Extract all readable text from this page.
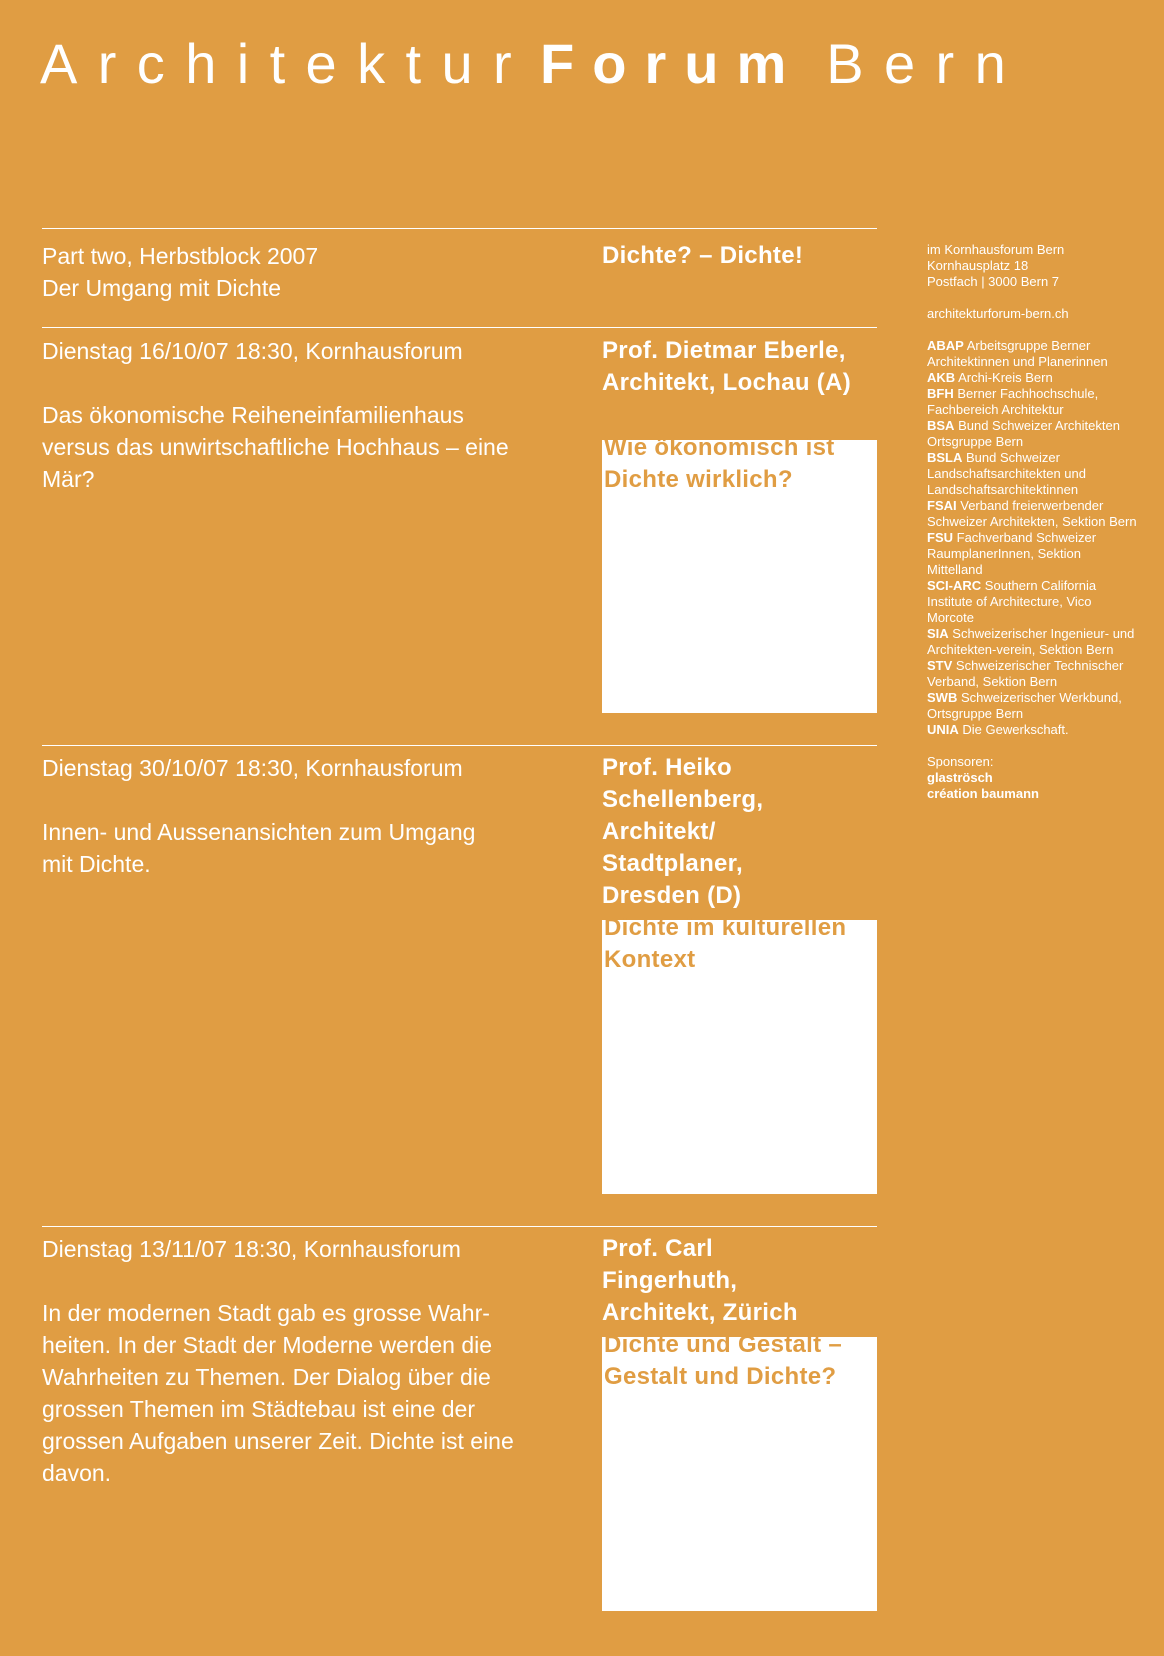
Architektur Forum Bern

Part two, Herbstblock 2007

Der Umgang mit Dichte

Dichte? – Dichte!

Dienstag 16/10/07 18:30, Kornhausforum

Das ökonomische Reiheneinfamilienhaus versus das unwirtschaftliche Hochhaus – eine Mär?

Prof. Dietmar Eberle, Architekt, Lochau (A)
Wie ökonomisch ist Dichte wirklich?

Dienstag 30/10/07 18:30, Kornhausforum

Innen- und Aussenansichten zum Umgang mit Dichte.

Prof. Heiko Schellenberg, Architekt/ Stadtplaner, Dresden (D)
Dichte im kulturellen Kontext

Dienstag 13/11/07 18:30, Kornhausforum

In der modernen Stadt gab es grosse Wahr-heiten. In der Stadt der Moderne werden die Wahrheiten zu Themen. Der Dialog über die grossen Themen im Städtebau ist eine der grossen Aufgaben unserer Zeit. Dichte ist eine davon.

Prof. Carl Fingerhuth, Architekt, Zürich
Dichte und Gestalt – Gestalt und Dichte?

im Kornhausforum Bern

Kornhausplatz 18

Postfach | 3000 Bern 7

architekturforum-bern.ch

ABAP Arbeitsgruppe Berner Architektinnen und Planerinnen

AKB Archi-Kreis Bern

BFH Berner Fachhochschule, Fachbereich Architektur

BSA Bund Schweizer Architekten Ortsgruppe Bern

BSLA Bund Schweizer Landschaftsarchitekten und Landschaftsarchitektinnen

FSAI Verband freierwerbender Schweizer Architekten, Sektion Bern

FSU Fachverband Schweizer RaumplanerInnen, Sektion Mittelland

SCI-ARC Southern California Institute of Architecture, Vico Morcote

SIA Schweizerischer Ingenieur- und Architekten-verein, Sektion Bern

STV Schweizerischer Technischer Verband, Sektion Bern

SWB Schweizerischer Werkbund, Ortsgruppe Bern

UNIA Die Gewerkschaft.

Sponsoren:

glaströsch

création baumann
